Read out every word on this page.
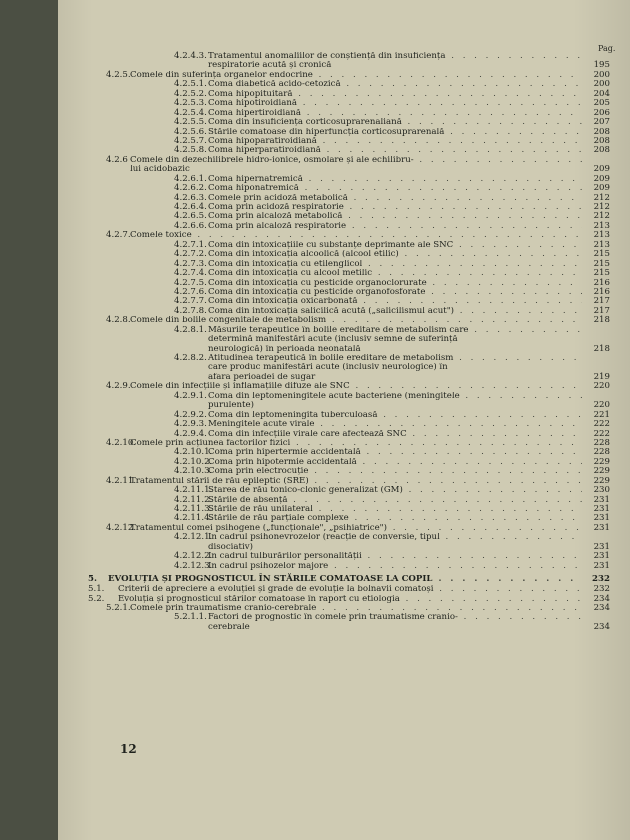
Pag.
4.2.4.3. Tratamentul anomaliilor de conștiență din insuficiența . . .
respiratorie acută și cronică	195
4.2.5. Comele din suferința organelor endocrine . . .	200
4.2.5.1. Coma diabetică acido-cetozică . . .	200
4.2.5.2. Coma hipopituitară . . .	204
4.2.5.3. Coma hipotiroidiană . . .	205
4.2.5.4. Coma hipertiroidiană . . .	206
4.2.5.5. Coma din insuficiența corticosuprarenaliană . . .	207
4.2.5.6. Stările comatoase din hiperfuncția corticosuprarenală . . .	208
4.2.5.7. Coma hipoparatiroidiană . . .	208
4.2.5.8. Coma hiperparatiroidiană . . .	208
4.2.6 Comele din dezechilibrele hidro-ionice, osmolare și ale echilibru- . . .
lui acidobazic	209
4.2.6.1. Coma hipernatremică . . .	209
4.2.6.2. Coma hiponatremică . . .	209
4.2.6.3. Comele prin acidoză metabolică . . .	212
4.2.6.4. Coma prin acidoză respiratorie . . .	212
4.2.6.5. Coma prin alcaloză metabolică . . .	212
4.2.6.6. Coma prin alcaloză respiratorie . . .	213
4.2.7. Comele toxice . . .	213
4.2.7.1. Coma din intoxicațiile cu substanțe deprimante ale SNC . . .	213
4.2.7.2. Coma din intoxicația alcoolică (alcool etilic) . . .	215
4.2.7.3. Coma din intoxicația cu etilenglicol . . .	215
4.2.7.4. Coma din intoxicația cu alcool metilic . . .	215
4.2.7.5. Coma din intoxicația cu pesticide organoclorurate . . .	216
4.2.7.6. Coma din intoxicația cu pesticide organofosforate . . .	216
4.2.7.7. Coma din intoxicația oxicarbonată . . .	217
4.2.7.8. Coma din intoxicația salicilică acută („salicilismul acut") . . .	217
4.2.8. Comele din bolile congenitale de metabolism . . .	218
4.2.8.1. Măsurile terapeutice în bolile ereditare de metabolism care . . .
determină manifestări acute (inclusiv semne de suferință
neurologică) în perioada neonatală	218
4.2.8.2. Atitudinea terapeutică în bolile ereditare de metabolism . . .
care produc manifestări acute (inclusiv neurologice) în
afara perioadei de sugar	219
4.2.9. Comele din infecțiile și inflamațiile difuze ale SNC . . .	220
4.2.9.1. Coma din leptomeningitele acute bacteriene (meningitele . . .
purulente)	220
4.2.9.2. Coma din leptomeningita tuberculoasă . . .	221
4.2.9.3. Meningitele acute virale . . .	222
4.2.9.4. Coma din infecțiile virale care afectează SNC . . .	222
4.2.10.
Comele prin acțiunea factorilor fizici . . .	228
4.2.10.1.
Coma prin hipertermie accidentală . . .	228
4.2.10.2.
Coma prin hipotermie accidentală . . .	229
4.2.10.3.
Coma prin electrocuție . . .	229
4.2.11.
Tratamentul stării de rău epileptic (SRE) . . .	229
4.2.11.1.
Starea de rău tonico-clonic generalizat (GM) . . .	230
4.2.11.2.
Stările de absență . . .	231
4.2.11.3.
Stările de rău unilateral . . .	231
4.2.11.4.
Stările de rău parțiale complexe . . .	231
4.2.12.
Tratamentul comei psihogene („funcționale", „psihiatrice") . . .	231
4.2.12.1.
În cadrul psihonevrozelor (reacție de conversie, tipul . . .
disociativ)	231
4.2.12.2.
În cadrul tulburărilor personalității . . .	231
4.2.12.3.
În cadrul psihozelor majore . . .	231
5. EVOLUȚIA ȘI PROGNOSTICUL ÎN STĂRILE COMATOASE LA COPIL . . .	232
5.1. Criterii de apreciere a evoluției și grade de evoluție la bolnavii comatoși . . .	232
5.2. Evoluția și prognosticul stărilor comatoase în raport cu etiologia . . .	234
5.2.1. Comele prin traumatisme cranio-cerebrale . . .	234
5.2.1.1. Factori de prognostic în comele prin traumatisme cranio- . . .
cerebrale	234
12
